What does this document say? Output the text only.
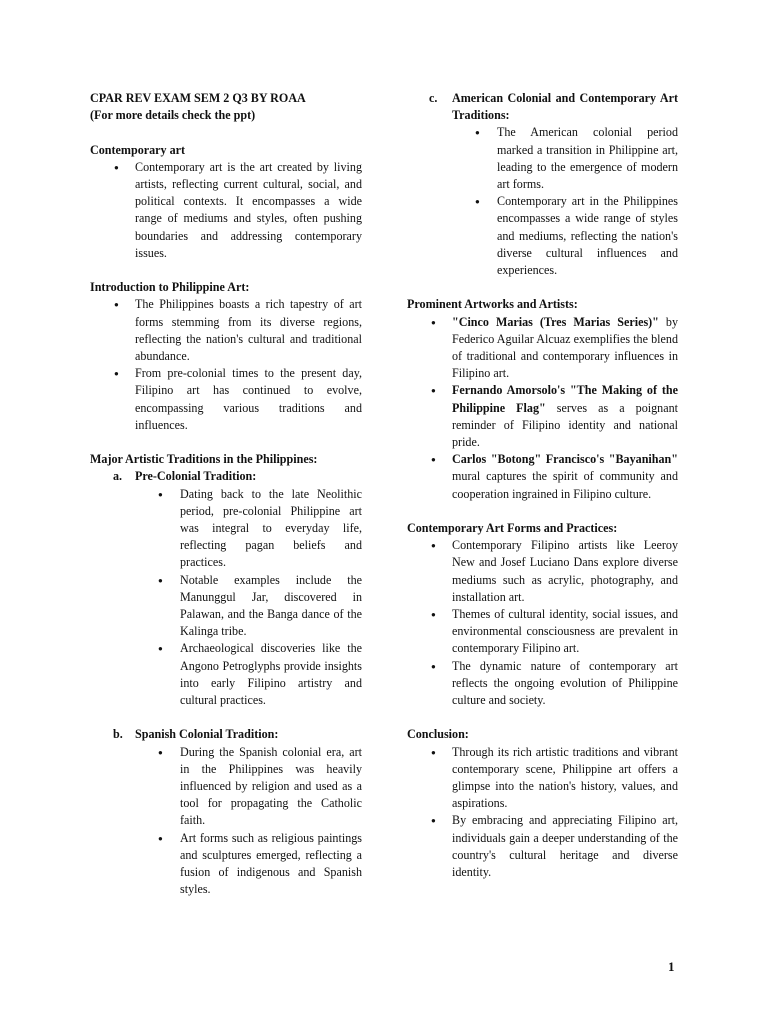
CPAR REV EXAM SEM 2 Q3 BY ROAA
(For more details check the ppt)
Contemporary art
● Contemporary art is the art created by living artists, reflecting current cultural, social, and political contexts. It encompasses a wide range of mediums and styles, often pushing boundaries and addressing contemporary issues.
Introduction to Philippine Art:
● The Philippines boasts a rich tapestry of art forms stemming from its diverse regions, reflecting the nation's cultural and traditional abundance.
● From pre-colonial times to the present day, Filipino art has continued to evolve, encompassing various traditions and influences.
Major Artistic Traditions in the Philippines:
a. Pre-Colonial Tradition:
● Dating back to the late Neolithic period, pre-colonial Philippine art was integral to everyday life, reflecting pagan beliefs and practices.
● Notable examples include the Manunggul Jar, discovered in Palawan, and the Banga dance of the Kalinga tribe.
● Archaeological discoveries like the Angono Petroglyphs provide insights into early Filipino artistry and cultural practices.
b. Spanish Colonial Tradition:
● During the Spanish colonial era, art in the Philippines was heavily influenced by religion and used as a tool for propagating the Catholic faith.
● Art forms such as religious paintings and sculptures emerged, reflecting a fusion of indigenous and Spanish styles.
c. American Colonial and Contemporary Art Traditions:
● The American colonial period marked a transition in Philippine art, leading to the emergence of modern art forms.
● Contemporary art in the Philippines encompasses a wide range of styles and mediums, reflecting the nation's diverse cultural influences and experiences.
Prominent Artworks and Artists:
● "Cinco Marias (Tres Marias Series)" by Federico Aguilar Alcuaz exemplifies the blend of traditional and contemporary influences in Filipino art.
● Fernando Amorsolo's "The Making of the Philippine Flag" serves as a poignant reminder of Filipino identity and national pride.
● Carlos "Botong" Francisco's "Bayanihan" mural captures the spirit of community and cooperation ingrained in Filipino culture.
Contemporary Art Forms and Practices:
● Contemporary Filipino artists like Leeroy New and Josef Luciano Dans explore diverse mediums such as acrylic, photography, and installation art.
● Themes of cultural identity, social issues, and environmental consciousness are prevalent in contemporary Filipino art.
● The dynamic nature of contemporary art reflects the ongoing evolution of Philippine culture and society.
Conclusion:
● Through its rich artistic traditions and vibrant contemporary scene, Philippine art offers a glimpse into the nation's history, values, and aspirations.
● By embracing and appreciating Filipino art, individuals gain a deeper understanding of the country's cultural heritage and diverse identity.
1
